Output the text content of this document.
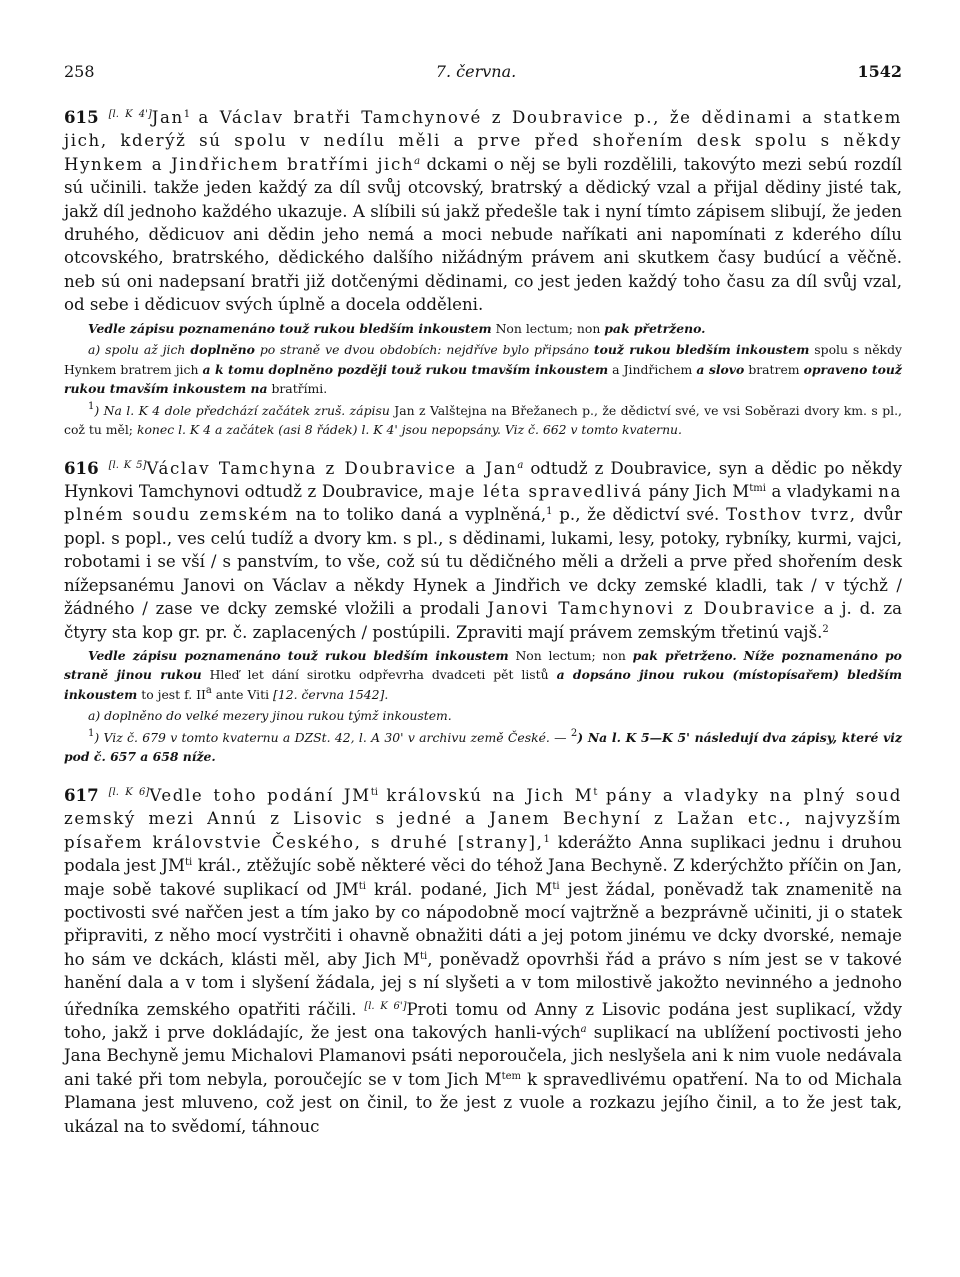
258	7. června.	1542

615 [l. K 4']Jan$^1$ a Václav bratři Tamchynové z Doubravice p., že dědinami a statkem jich, kderýž sú spolu v nedílu měli a prve před shořením desk spolu s někdy Hynkem a Jindřichem bratřími jich$^a$ dckami o něj se byli rozdělili, takovýto mezi sebú rozdíl sú učinili. takže jeden každý za díl svůj otcovský, bratrský a dědický vzal a přijal dědiny jisté tak, jakž díl jednoho každého ukazuje. A slíbili sú jakž předešle tak i nyní tímto zápisem slibují, že jeden druhého, dědicuov ani dědin jeho nemá a moci nebude naříkati ani napomínati z kderého dílu otcovského, bratrského, dědického dalšího nižádným právem ani skutkem časy budúcí a věčně. neb sú oni nadepsaní bratři již dotčenými dědinami, co jest jeden každý toho času za díl svůj vzal, od sebe i dědicuov svých úplně a docela odděleni.

Vedle zápisu poznamenáno touž rukou bledším inkoustem Non lectum; non pak přetrženo.

a) spolu až jich doplněno po straně ve dvou obdobích: nejdříve bylo připsáno touž rukou bledším inkoustem spolu s někdy Hynkem bratrem jich a k tomu doplněno později touž rukou tmavším inkoustem a Jindřichem a slovo bratrem opraveno touž rukou tmavším inkoustem na bratřími.

$^1$) Na l. K 4 dole předchází začátek zruš. zápisu Jan z Valštejna na Břežanech p., že dědictví své, ve vsi Soběrazi dvory km. s pl., což tu měl; konec l. K 4 a začátek (asi 8 řádek) l. K 4' jsou nepopsány. Viz č. 662 v tomto kvaternu.

616 [l. K 5]Václav Tamchyna z Doubravice a Jan$^a$ odtudž z Doubravice, syn a dědic po někdy Hynkovi Tamchynovi odtudž z Doubravice, maje léta spravedlivá pány Jich $M^{tmi}$ a vladykami na plném soudu zemském na to toliko daná a vyplněná,$^1$ p., že dědictví své. Tosthov tvrz, dvůr popl. s popl., ves celú tudíž a dvory km. s pl., s dědinami, lukami, lesy, potoky, rybníky, kurmi, vajci, robotami i se vší / s panstvím, to vše, což sú tu dědičného měli a drželi a prve před shořením desk nížepsanému Janovi on Václav a někdy Hynek a Jindřich ve dcky zemské kladli, tak / v týchž / žádného / zase ve dcky zemské vložili a prodali Janovi Tamchynovi z Doubravice a j. d. za čtyry sta kop gr. pr. č. zaplacených / postúpili. Zpraviti mají právem zemským třetinú vajš.$^2$

Vedle zápisu poznamenáno touž rukou bledším inkoustem Non lectum; non pak přetrženo. Níže poznamenáno po straně jinou rukou Hleď let dání sirotku odpřevrha dvadceti pět listů a dopsáno jinou rukou (místopísařem) bledším inkoustem to jest f. $II^a$ ante Viti [12. června 1542].

a) doplněno do velké mezery jinou rukou týmž inkoustem.

$^1$) Viz č. 679 v tomto kvaternu a DZSt. 42, l. A 30' v archivu země České. — $^2$) Na l. K 5—K 5' následují dva zápisy, které viz pod č. 657 a 658 níže.

617 [l. K 6]Vedle toho podání $JM^{ti}$ královskú na Jich $M^t$ pány a vladyky na plný soud zemský mezi Annú z Lisovic s jedné a Janem Bechyní z Lažan etc., najvyzším písařem královstvie Českého, s druhé [strany],$^1$ kderážto Anna suplikaci jednu i druhou podala jest $JM^{ti}$ král., ztěžujíc sobě některé věci do téhož Jana Bechyně. Z kderýchžto příčin on Jan, maje sobě takové suplikací od $JM^{ti}$ král. podané, Jich $M^{ti}$ jest žádal, poněvadž tak znamenitě na poctivosti své nařčen jest a tím jako by co nápodobně mocí vajtržně a bezprávně učiniti, ji o statek připraviti, z něho mocí vystrčiti i ohavně obnažiti dáti a jej potom jinému ve dcky dvorské, nemaje ho sám ve dckách, klásti měl, aby Jich $M^{ti}$, poněvadž opovrhši řád a právo s ním jest se v takové hanění dala a v tom i slyšení žádala, jej s ní slyšeti a v tom milostivě jakožto nevinného a jednoho úředníka zemského opatřiti ráčili. [l. K 6']Proti tomu od Anny z Lisovic podána jest suplikací, vždy toho, jakž i prve dokládajíc, že jest ona takových hanli-vých$^a$ suplikací na ublížení poctivosti jeho Jana Bechyně jemu Michalovi Plamanovi psáti neporoučela, jich neslyšela ani k nim vuole nedávala ani také při tom nebyla, poroučejíc se v tom Jich $M^{tem}$ k spravedlivému opatření. Na to od Michala Plamana jest mluveno, což jest on činil, to že jest z vuole a rozkazu jejího činil, a to že jest tak, ukázal na to svědomí, táhnouc
